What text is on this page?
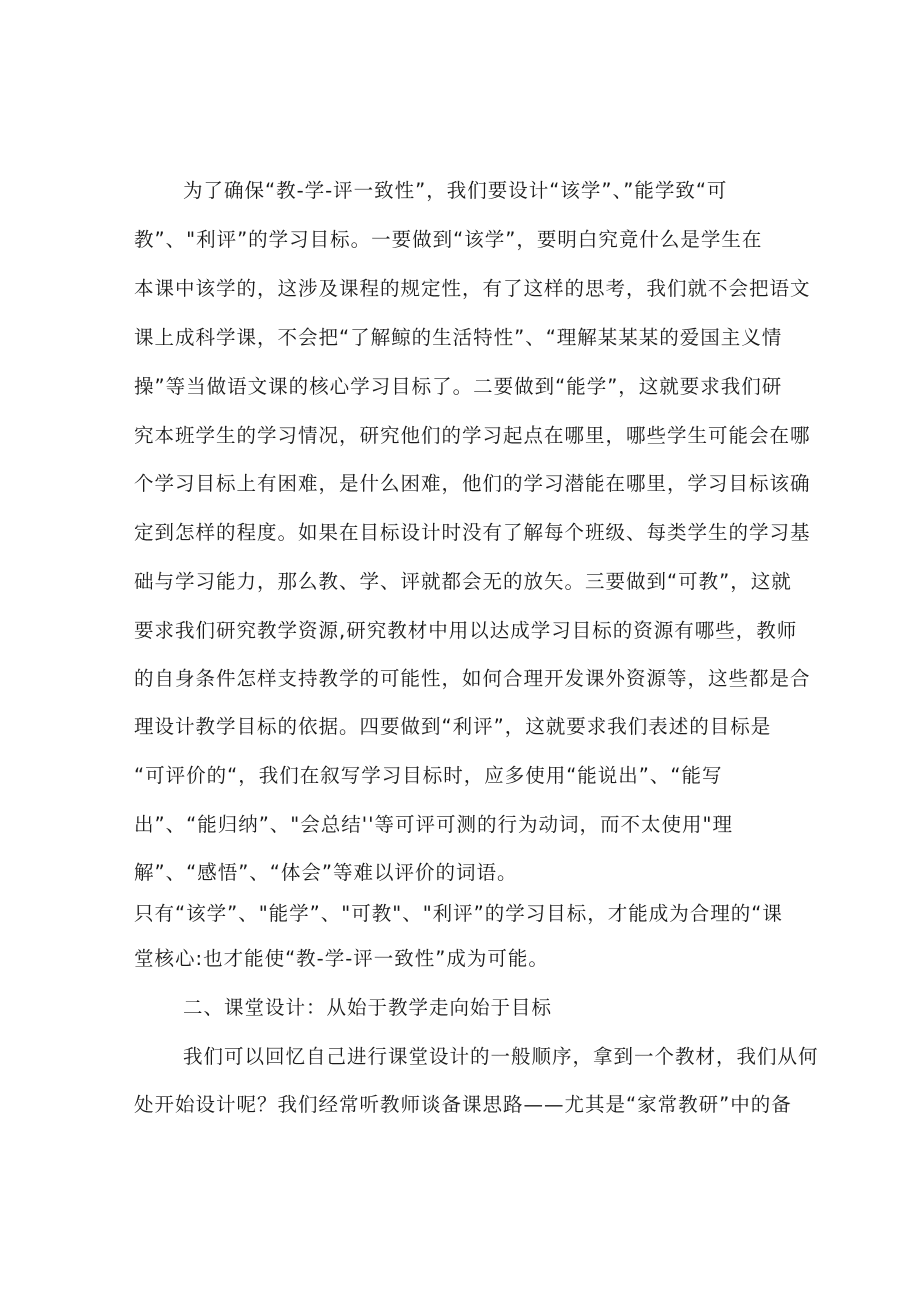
为了确保“教-学-评一致性”，我们要设计“该学”、”能学致“可
教”、"利评”的学习目标。一要做到“该学”，要明白究竟什么是学生在
本课中该学的，这涉及课程的规定性，有了这样的思考，我们就不会把语文
课上成科学课，不会把“了解鲸的生活特性”、“理解某某某的爱国主义情
操”等当做语文课的核心学习目标了。二要做到“能学”，这就要求我们研
究本班学生的学习情况，研究他们的学习起点在哪里，哪些学生可能会在哪
个学习目标上有困难，是什么困难，他们的学习潜能在哪里，学习目标该确
定到怎样的程度。如果在目标设计时没有了解每个班级、每类学生的学习基
础与学习能力，那么教、学、评就都会无的放矢。三要做到“可教”，这就
要求我们研究教学资源,研究教材中用以达成学习目标的资源有哪些，教师
的自身条件怎样支持教学的可能性，如何合理开发课外资源等，这些都是合
理设计教学目标的依据。四要做到“利评”，这就要求我们表述的目标是
“可评价的“，我们在叙写学习目标时，应多使用“能说出”、“能写
出”、“能归纳”、"会总结''等可评可测的行为动词，而不太使用"理
解”、“感悟”、“体会”等难以评价的词语。
只有“该学”、"能学”、"可教"、"利评”的学习目标，才能成为合理的“课
堂核心:也才能使“教-学-评一致性”成为可能。
二、课堂设计：从始于教学走向始于目标
我们可以回忆自己进行课堂设计的一般顺序，拿到一个教材，我们从何
处开始设计呢？我们经常听教师谈备课思路——尤其是“家常教研”中的备
